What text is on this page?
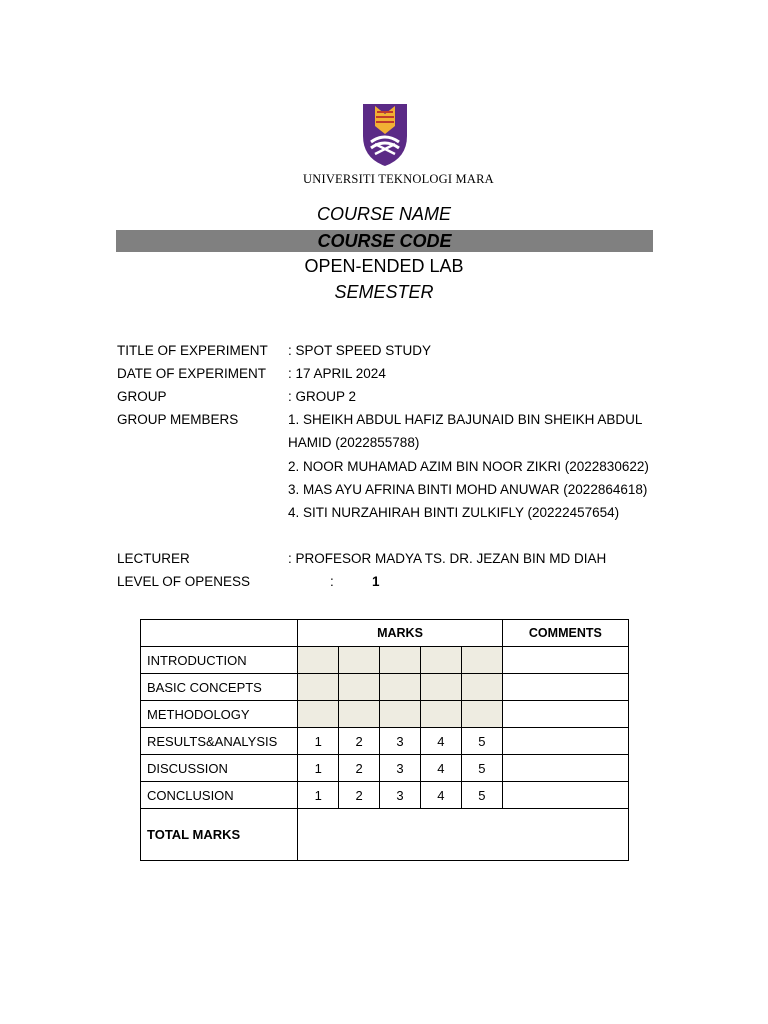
UNIVERSITI TEKNOLOGI MARA
COURSE NAME
COURSE CODE
OPEN-ENDED LAB
SEMESTER
TITLE OF EXPERIMENT : SPOT SPEED STUDY
DATE OF EXPERIMENT : 17 APRIL 2024
GROUP	: GROUP 2
GROUP MEMBERS	1. SHEIKH ABDUL HAFIZ BAJUNAID BIN SHEIKH ABDUL
HAMID (2022855788)
2. NOOR MUHAMAD AZIM BIN NOOR ZIKRI (2022830622)
3. MAS AYU AFRINA BINTI MOHD ANUWAR (2022864618)
4. SITI NURZAHIRAH BINTI ZULKIFLY (20222457654)
LECTURER	: PROFESOR MADYA TS. DR. JEZAN BIN MD DIAH
LEVEL OF OPENESS	:	1
	MARKS					COMMENTS
INTRODUCTION						
BASIC CONCEPTS						
METHODOLOGY						
RESULTS&ANALYSIS	1	2	3	4	5	
DISCUSSION	1	2	3	4	5	
CONCLUSION	1	2	3	4	5	
TOTAL MARKS						
